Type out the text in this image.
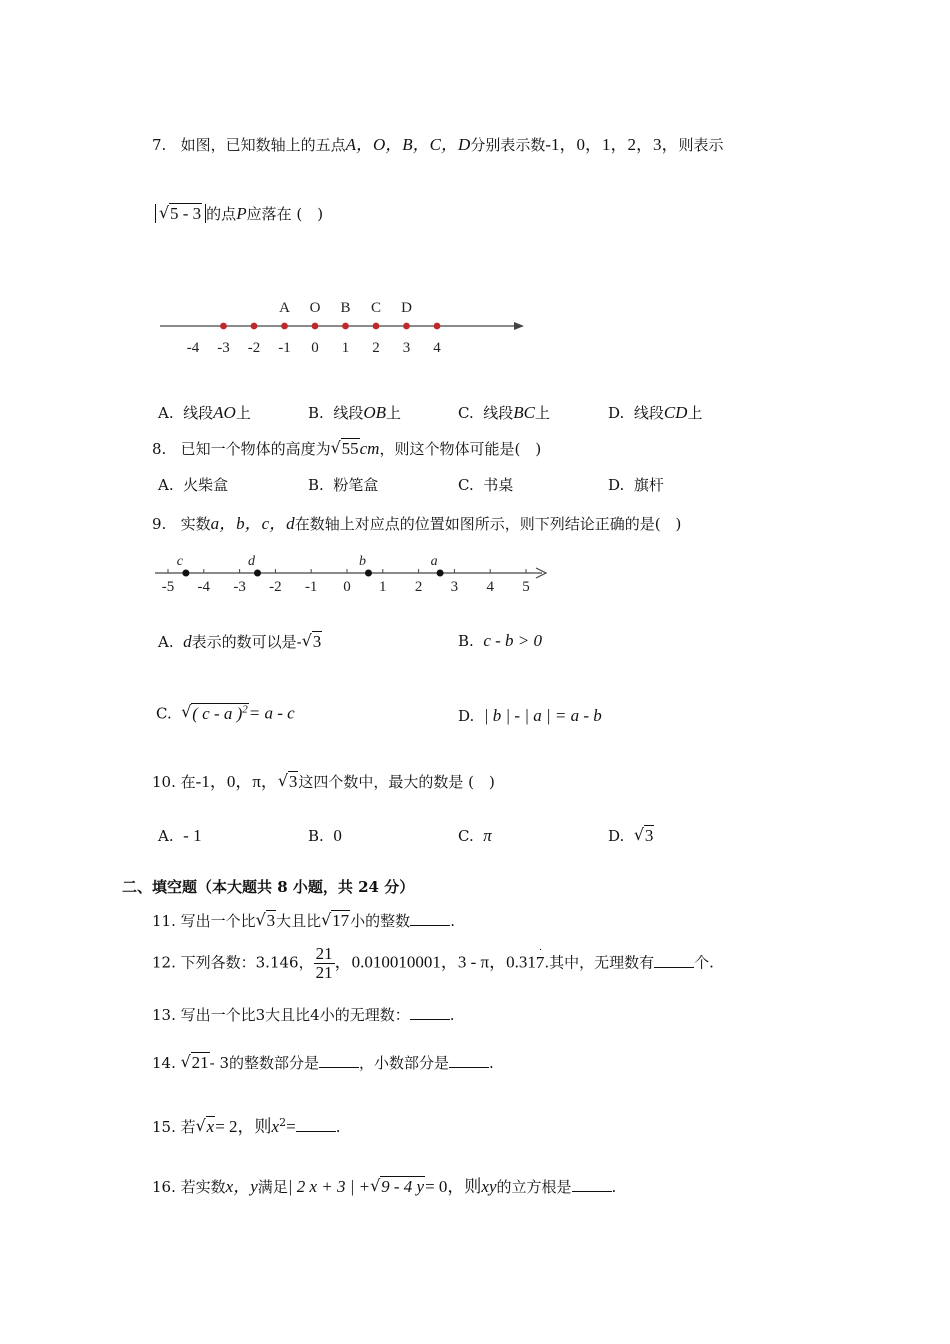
7. 如图，已知数轴上的五点A，O，B，C，D分别表示数-1，0，1，2，3，则表示
√ 5 - 3 的点P应落在 (　)
-4 -3 -2 -1 0 1 2 3 4
A O B C D
A. 线段AO上	B. 线段OB上	C. 线段BC上	D. 线段CD上
8. 已知一个物体的高度为 √ 55cm，则这个物体可能是(　)
A. 火柴盒	B. 粉笔盒	C. 书桌	D. 旗杆
9. 实数a，b，c，d在数轴上对应点的位置如图所示，则下列结论正确的是(　)
-5 -4 -3 -2 -1 0 1 2 3 4 5
c	d	b	a
A. d表示的数可以是- √ 3	B. c - b > 0
C. √ ( c - a )$^2$= a - c	D. | b | - | a | = a - b
10. 在-1，0，π， √ 3这四个数中，最大的数是 (　)
A. - 1	B. 0	C. π	D. √ 3
二、填空题（本大题共 8 小题，共 24 分）
11. 写出一个比 √ 3大且比 √ 17小的整数	.
12. 下列各数：3.146， $\frac{21}{21}$ ，0.010010001，3 - π，0.317
·
.其中，无理数有	个.
13. 写出一个比3大且比4小的无理数：	.
14. √ 21- 3的整数部分是	，小数部分是	.
15. 若 √ x= 2，则$x^2=$	.
16. 若实数x，y满足| 2 x + 3 | + √ 9 - 4 y= 0，则xy的立方根是	.
